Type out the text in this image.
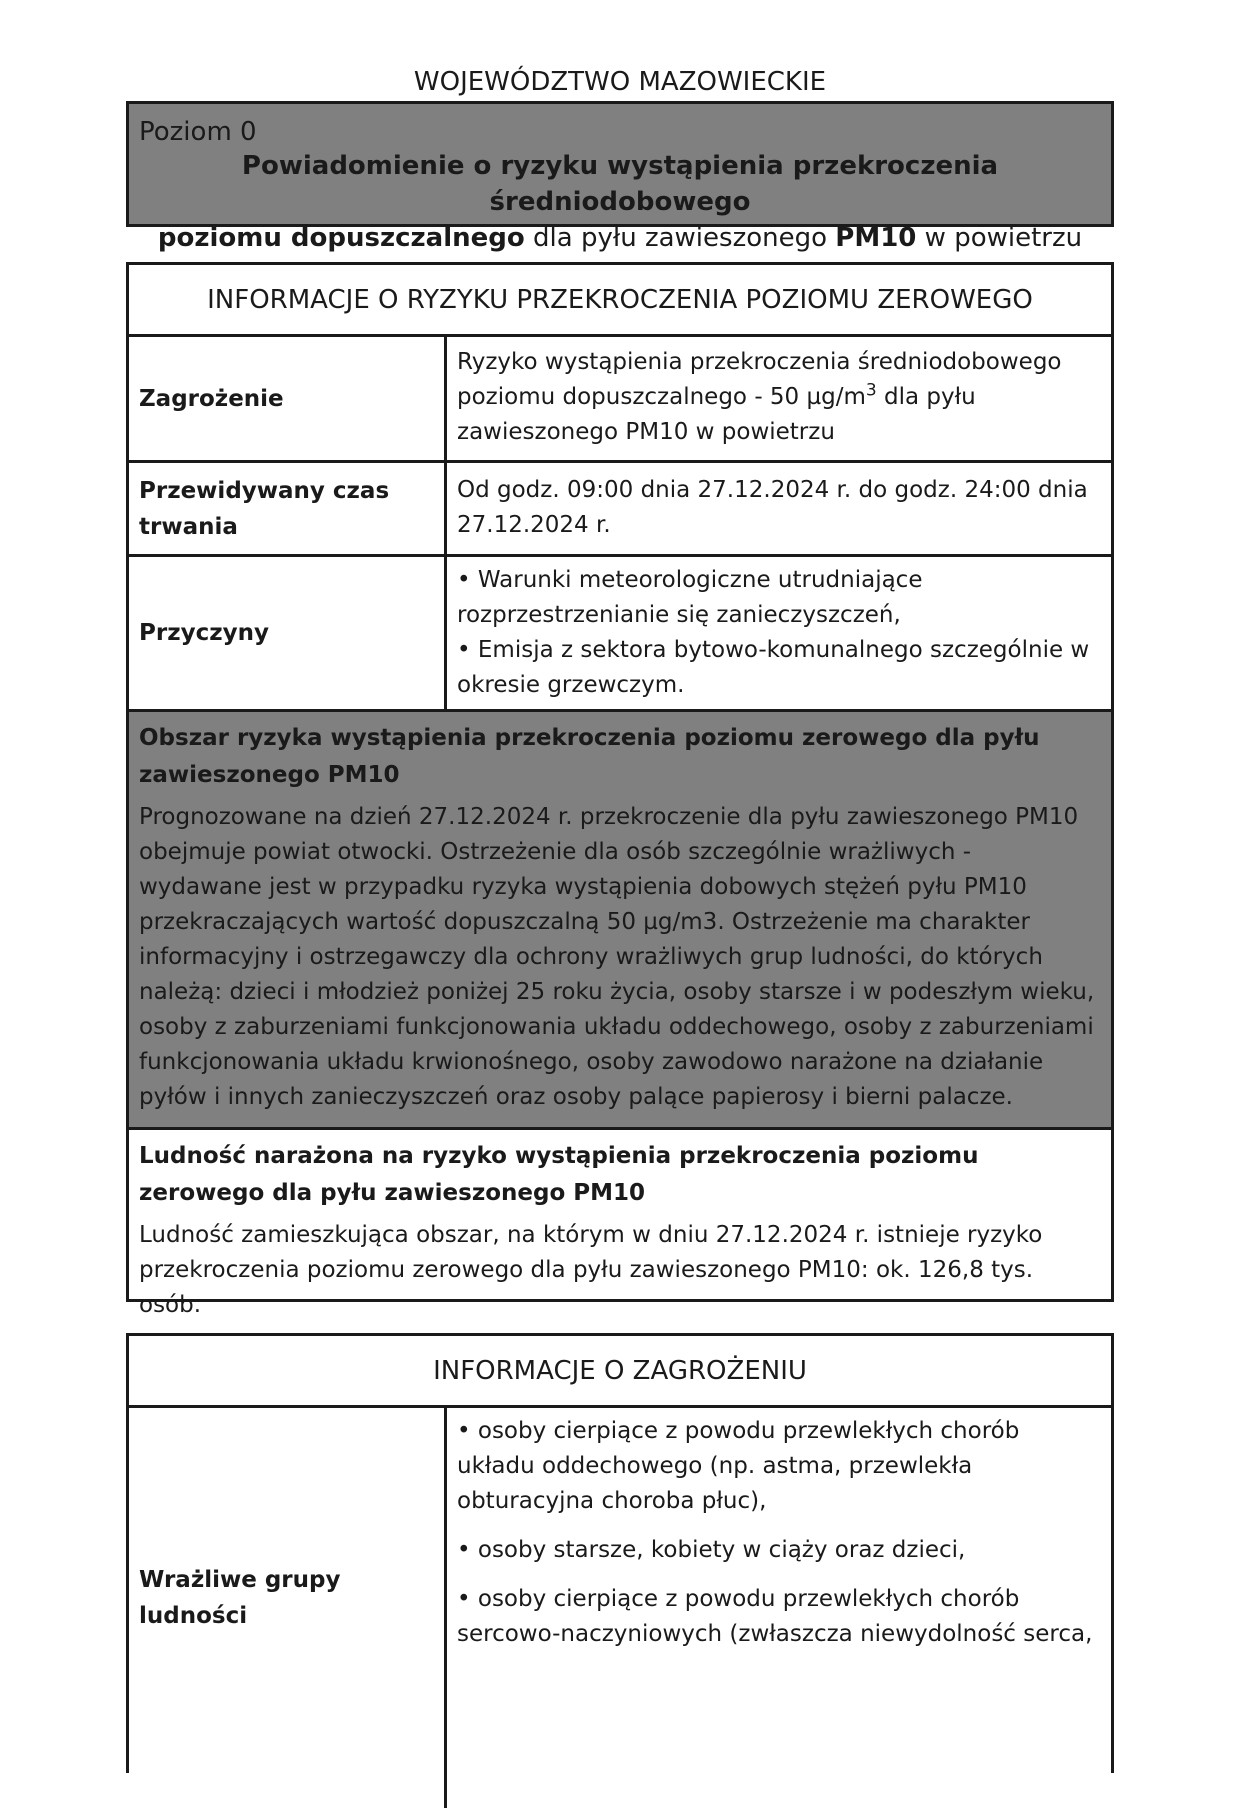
WOJEWÓDZTWO MAZOWIECKIE
Poziom 0
Powiadomienie o ryzyku wystąpienia przekroczenia średniodobowego
poziomu dopuszczalnego dla pyłu zawieszonego PM10 w powietrzu
INFORMACJE O RYZYKU PRZEKROCZENIA POZIOMU ZEROWEGO
Zagrożenie
Ryzyko wystąpienia przekroczenia średniodobowego poziomu dopuszczalnego - 50 $\mu g/m^3$ dla pyłu zawieszonego PM10 w powietrzu
Przewidywany czas trwania
Od godz. 09:00 dnia 27.12.2024 r. do godz. 24:00 dnia 27.12.2024 r.
Przyczyny
• Warunki meteorologiczne utrudniające rozprzestrzenianie się zanieczyszczeń,
• Emisja z sektora bytowo-komunalnego szczególnie w okresie grzewczym.
Obszar ryzyka wystąpienia przekroczenia poziomu zerowego dla pyłu zawieszonego PM10
Prognozowane na dzień 27.12.2024 r. przekroczenie dla pyłu zawieszonego PM10 obejmuje powiat otwocki. Ostrzeżenie dla osób szczególnie wrażliwych - wydawane jest w przypadku ryzyka wystąpienia dobowych stężeń pyłu PM10 przekraczających wartość dopuszczalną 50 µg/m3. Ostrzeżenie ma charakter informacyjny i ostrzegawczy dla ochrony wrażliwych grup ludności, do których należą: dzieci i młodzież poniżej 25 roku życia, osoby starsze i w podeszłym wieku, osoby z zaburzeniami funkcjonowania układu oddechowego, osoby z zaburzeniami funkcjonowania układu krwionośnego, osoby zawodowo narażone na działanie pyłów i innych zanieczyszczeń oraz osoby palące papierosy i bierni palacze.
Ludność narażona na ryzyko wystąpienia przekroczenia poziomu zerowego dla pyłu zawieszonego PM10
Ludność zamieszkująca obszar, na którym w dniu 27.12.2024 r. istnieje ryzyko przekroczenia poziomu zerowego dla pyłu zawieszonego PM10: ok. 126,8 tys. osób.
INFORMACJE O ZAGROŻENIU
Wrażliwe grupy ludności
• osoby cierpiące z powodu przewlekłych chorób układu oddechowego (np. astma, przewlekła obturacyjna choroba płuc),
• osoby starsze, kobiety w ciąży oraz dzieci,
• osoby cierpiące z powodu przewlekłych chorób sercowo-naczyniowych (zwłaszcza niewydolność serca,
